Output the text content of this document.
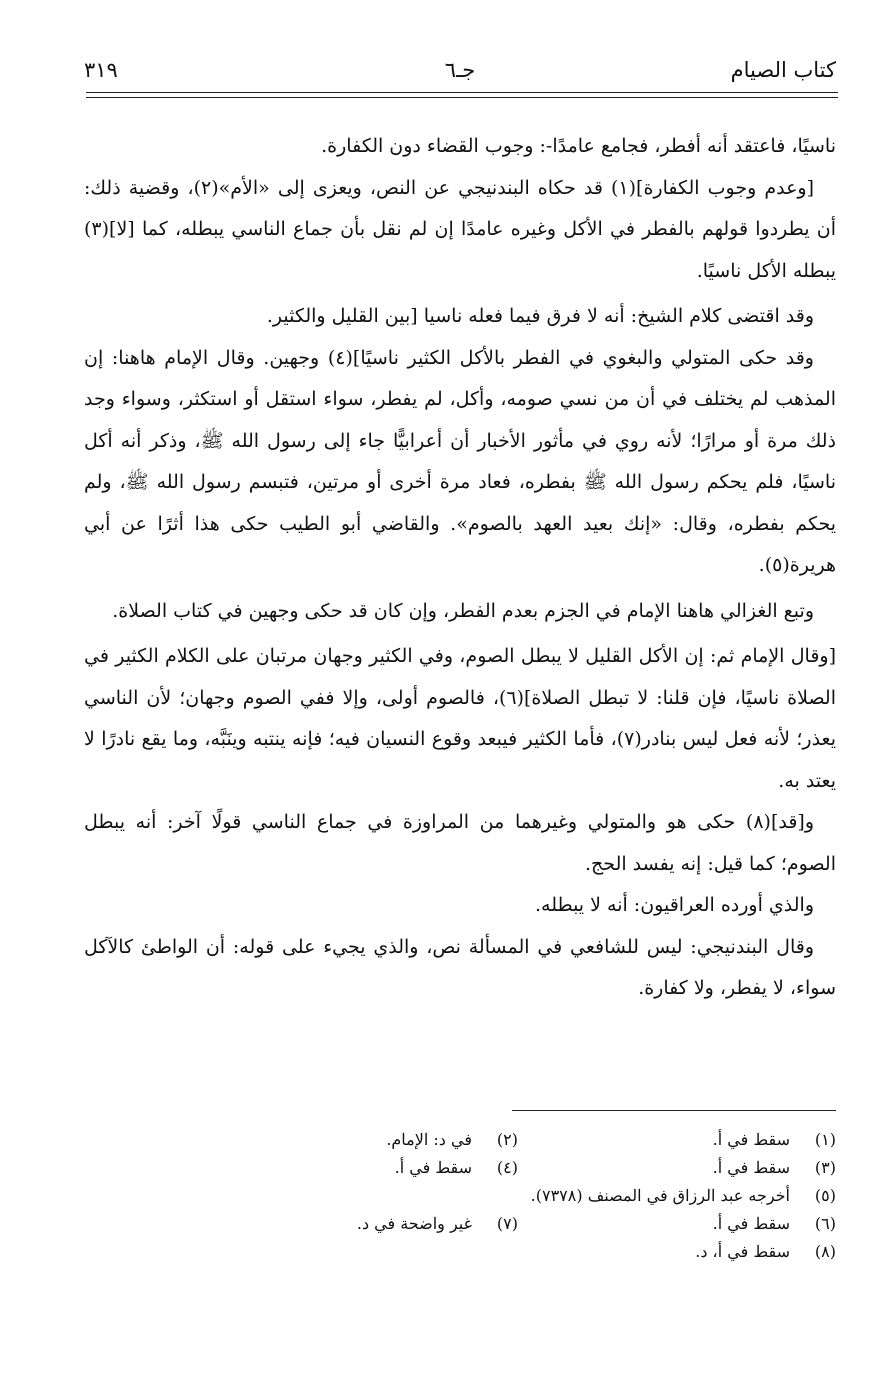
كتاب الصيام
جـ٦
٣١٩

ناسيًا، فاعتقد أنه أفطر، فجامع عامدًا-: وجوب القضاء دون الكفارة.

[وعدم وجوب الكفارة](١) قد حكاه البندنيجي عن النص، ويعزى إلى «الأم»(٢)، وقضية ذلك: أن يطردوا قولهم بالفطر في الأكل وغيره عامدًا إن لم نقل بأن جماع الناسي يبطله، كما [لا](٣) يبطله الأكل ناسيًا.

وقد اقتضى كلام الشيخ: أنه لا فرق فيما فعله ناسيا [بين القليل والكثير.

وقد حكى المتولي والبغوي في الفطر بالأكل الكثير ناسيًا](٤) وجهين. وقال الإمام هاهنا: إن المذهب لم يختلف في أن من نسي صومه، وأكل، لم يفطر، سواء استقل أو استكثر، وسواء وجد ذلك مرة أو مرارًا؛ لأنه روي في مأثور الأخبار أن أعرابيًّا جاء إلى رسول الله ﷺ، وذكر أنه أكل ناسيًا، فلم يحكم رسول الله ﷺ بفطره، فعاد مرة أخرى أو مرتين، فتبسم رسول الله ﷺ، ولم يحكم بفطره، وقال: «إنك بعيد العهد بالصوم». والقاضي أبو الطيب حكى هذا أثرًا عن أبي هريرة(٥).

وتبع الغزالي هاهنا الإمام في الجزم بعدم الفطر، وإن كان قد حكى وجهين في كتاب الصلاة.

[وقال الإمام ثم: إن الأكل القليل لا يبطل الصوم، وفي الكثير وجهان مرتبان على الكلام الكثير في الصلاة ناسيًا، فإن قلنا: لا تبطل الصلاة](٦)، فالصوم أولى، وإلا ففي الصوم وجهان؛ لأن الناسي يعذر؛ لأنه فعل ليس بنادر(٧)، فأما الكثير فيبعد وقوع النسيان فيه؛ فإنه ينتبه وينَبَّه، وما يقع نادرًا لا يعتد به.

و[قد](٨) حكى هو والمتولي وغيرهما من المراوزة في جماع الناسي قولًا آخر: أنه يبطل الصوم؛ كما قيل: إنه يفسد الحج.

والذي أورده العراقيون: أنه لا يبطله.

وقال البندنيجي: ليس للشافعي في المسألة نص، والذي يجيء على قوله: أن الواطئ كالآكل سواء، لا يفطر، ولا كفارة.

(١)
سقط في أ.
(٢)
في د: الإمام.
(٣)
سقط في أ.
(٤)
سقط في أ.
(٥)
أخرجه عبد الرزاق في المصنف (٧٣٧٨).
(٦)
سقط في أ.
(٧)
غير واضحة في د.
(٨)
سقط في أ، د.
